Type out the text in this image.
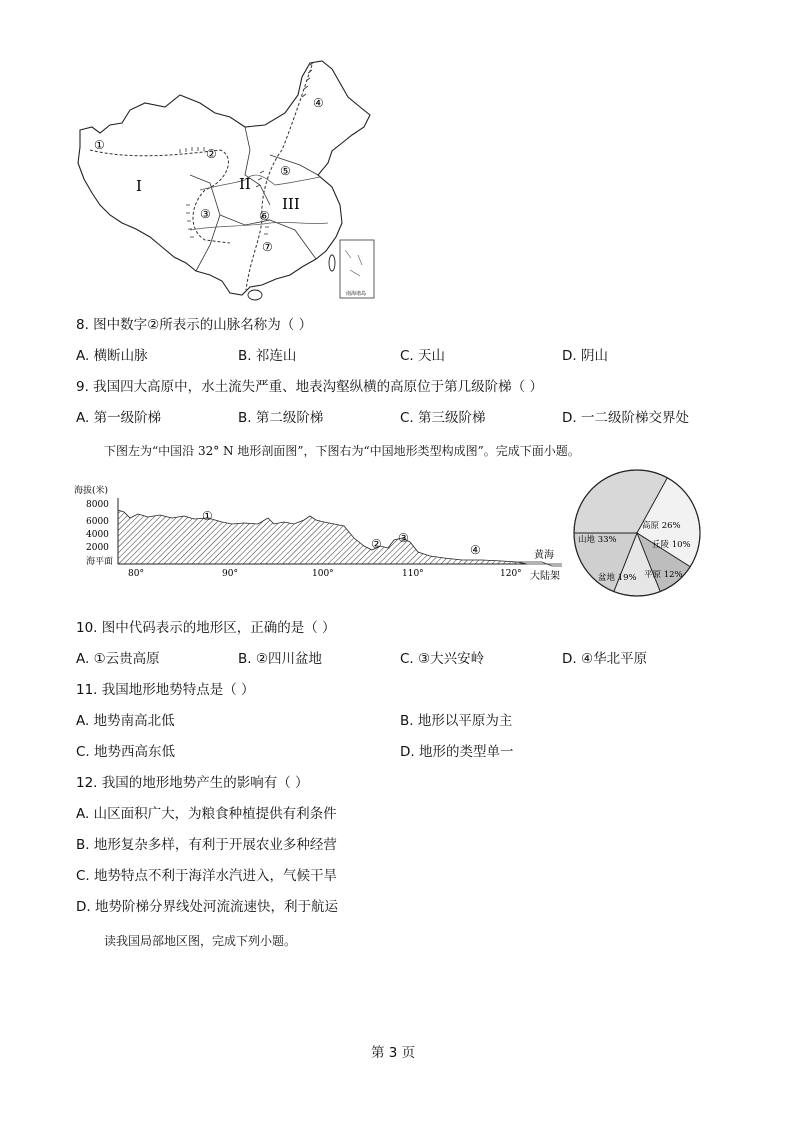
I	II
III
①
②
③
④
⑤
⑥
⑦
南海诸岛
8. 图中数字②所表示的山脉名称为（ ）
A. 横断山脉	B. 祁连山	C. 天山	D. 阴山
9. 我国四大高原中，水土流失严重、地表沟壑纵横的高原位于第几级阶梯（ ）
A. 第一级阶梯	B. 第二级阶梯	C. 第三级阶梯	D. 一二级阶梯交界处
下图左为“中国沿 32° N 地形剖面图”，下图右为“中国地形类型构成图”。完成下面小题。
海拔(米)
8000
6000
4000
2000
海平面
①
② ③
④
80°	90°	100°	110°	120°
黄海
大陆架
高原 26%
丘陵 10%
山地 33%
平原 12%
盆地 19%
10. 图中代码表示的地形区，正确的是（ ）
A. ①云贵高原	B. ②四川盆地	C. ③大兴安岭	D. ④华北平原
11. 我国地形地势特点是（ ）
A. 地势南高北低	B. 地形以平原为主
C. 地势西高东低	D. 地形的类型单一
12. 我国的地形地势产生的影响有（ ）
A. 山区面积广大，为粮食种植提供有利条件
B. 地形复杂多样，有利于开展农业多种经营
C. 地势特点不利于海洋水汽进入，气候干旱
D. 地势阶梯分界线处河流流速快，利于航运
读我国局部地区图，完成下列小题。
第 3 页
